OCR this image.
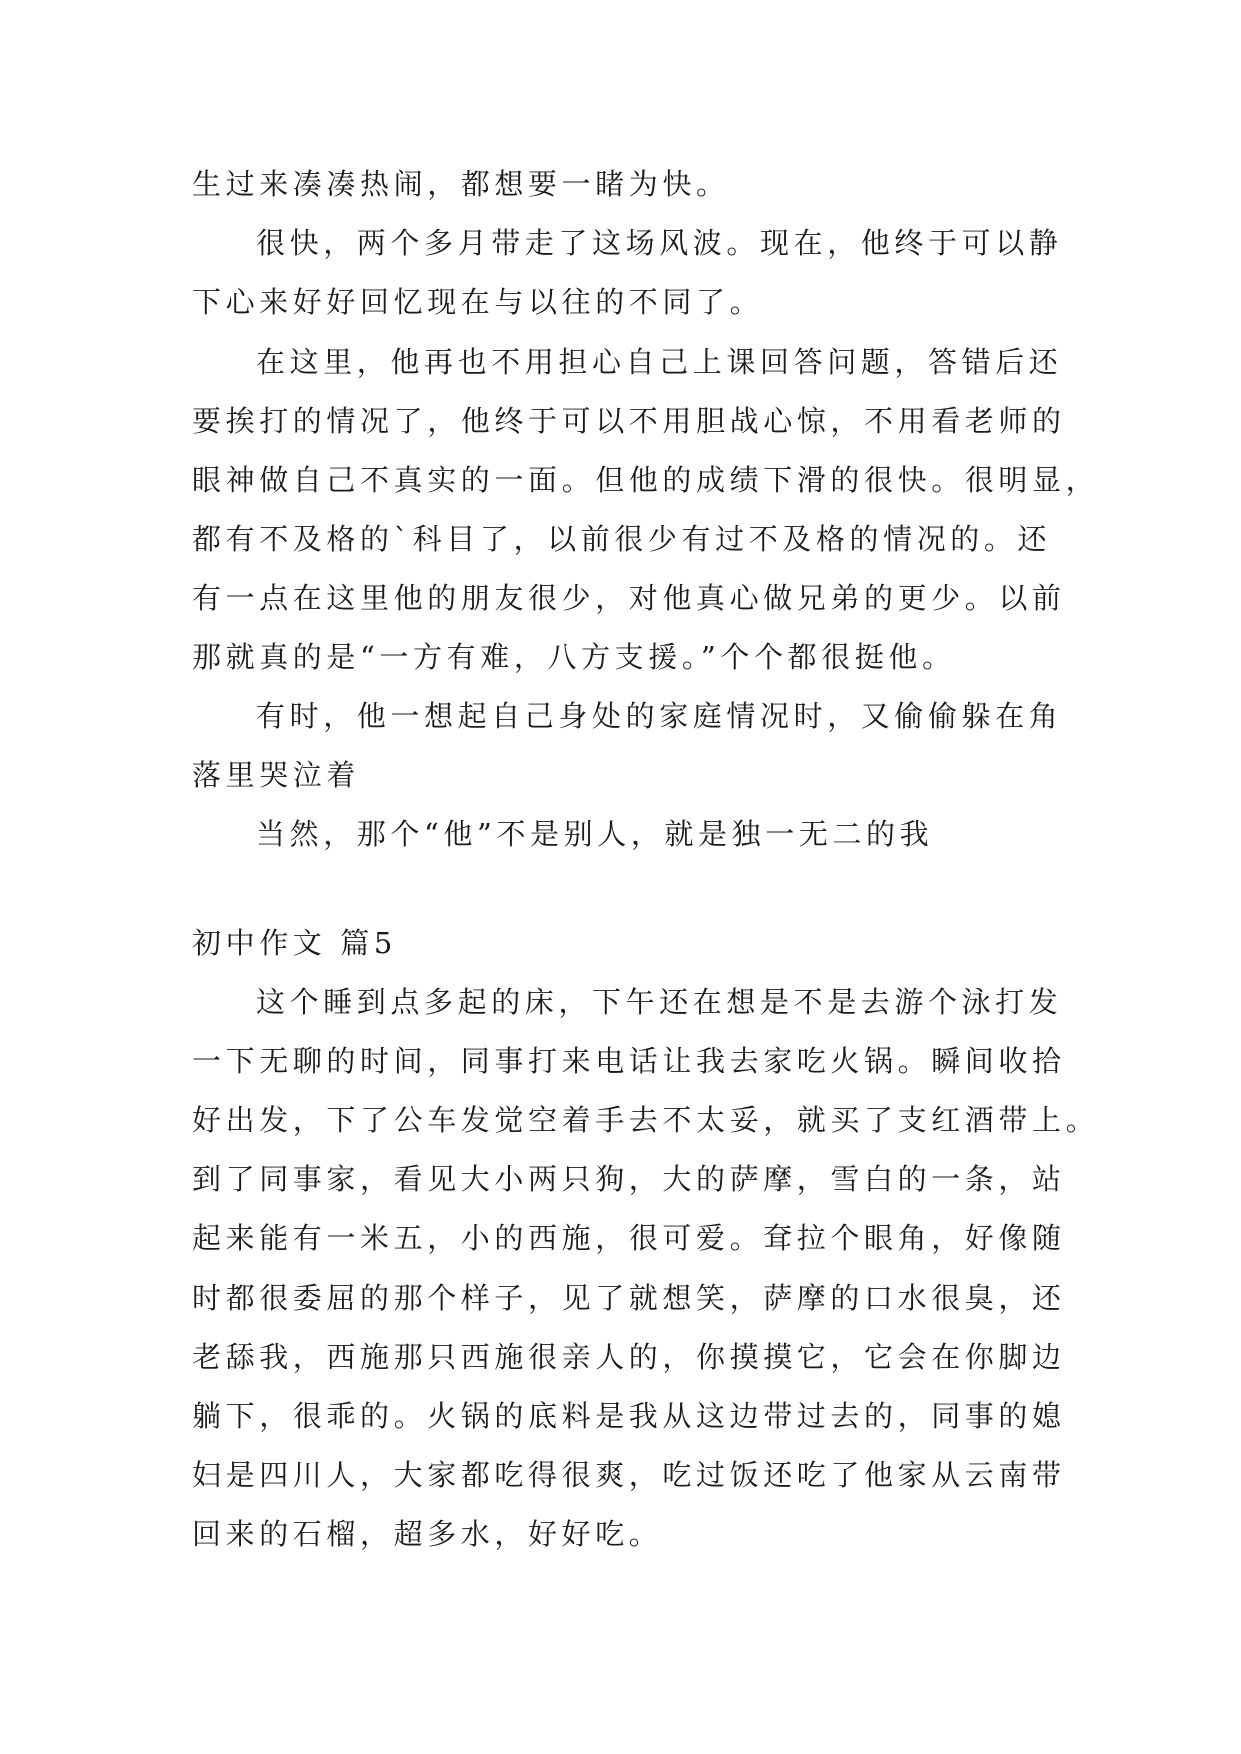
生过来凑凑热闹，都想要一睹为快。
很快，两个多月带走了这场风波。现在，他终于可以静
下心来好好回忆现在与以往的不同了。
在这里，他再也不用担心自己上课回答问题，答错后还
要挨打的情况了，他终于可以不用胆战心惊，不用看老师的
眼神做自己不真实的一面。但他的成绩下滑的很快。很明显，
都有不及格的`科目了，以前很少有过不及格的情况的。还
有一点在这里他的朋友很少，对他真心做兄弟的更少。以前
那就真的是“一方有难，八方支援。”个个都很挺他。
有时，他一想起自己身处的家庭情况时，又偷偷躲在角
落里哭泣着
当然，那个“他”不是别人，就是独一无二的我
初中作文 篇5
这个睡到点多起的床，下午还在想是不是去游个泳打发
一下无聊的时间，同事打来电话让我去家吃火锅。瞬间收拾
好出发，下了公车发觉空着手去不太妥，就买了支红酒带上。
到了同事家，看见大小两只狗，大的萨摩，雪白的一条，站
起来能有一米五，小的西施，很可爱。耷拉个眼角，好像随
时都很委屈的那个样子，见了就想笑，萨摩的口水很臭，还
老舔我，西施那只西施很亲人的，你摸摸它，它会在你脚边
躺下，很乖的。火锅的底料是我从这边带过去的，同事的媳
妇是四川人，大家都吃得很爽，吃过饭还吃了他家从云南带
回来的石榴，超多水，好好吃。
